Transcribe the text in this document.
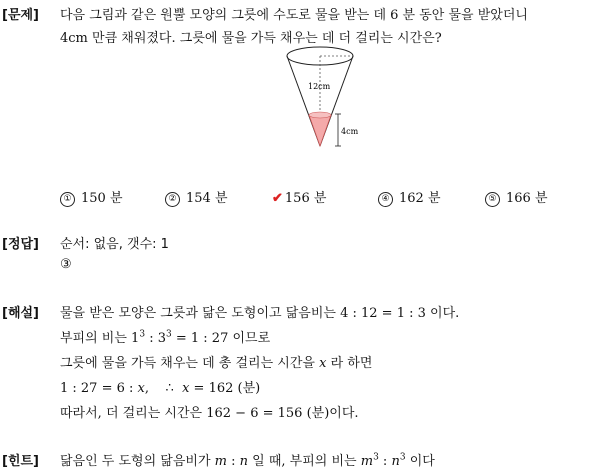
[문제] 다음 그림과 같은 원뿔 모양의 그릇에 수도로 물을 받는 데 6 분 동안 물을 받았더니
4cm 만큼 채워졌다. 그릇에 물을 가득 채우는 데 더 걸리는 시간은?
12cm
4cm
① 150 분	② 154 분	✔ 156 분	④ 162 분	⑤ 166 분
[정답] 순서: 없음, 갯수: 1
③
[해설] 물을 받은 모양은 그릇과 닮은 도형이고 닮음비는 4 : 12 = 1 : 3 이다.
부피의 비는 $1^3$ : $3^3 = 1$ : 27 이므로
그릇에 물을 가득 채우는 데 총 걸리는 시간을 x 라 하면
1 : 27 = 6 : x,    ∴  x = 162 (분)
따라서, 더 걸리는 시간은 162 − 6 = 156 (분)이다.
[힌트] 닮음인 두 도형의 닮음비가 m : n 일 때, 부피의 비는 $m^3$ : $n^3$ 이다
